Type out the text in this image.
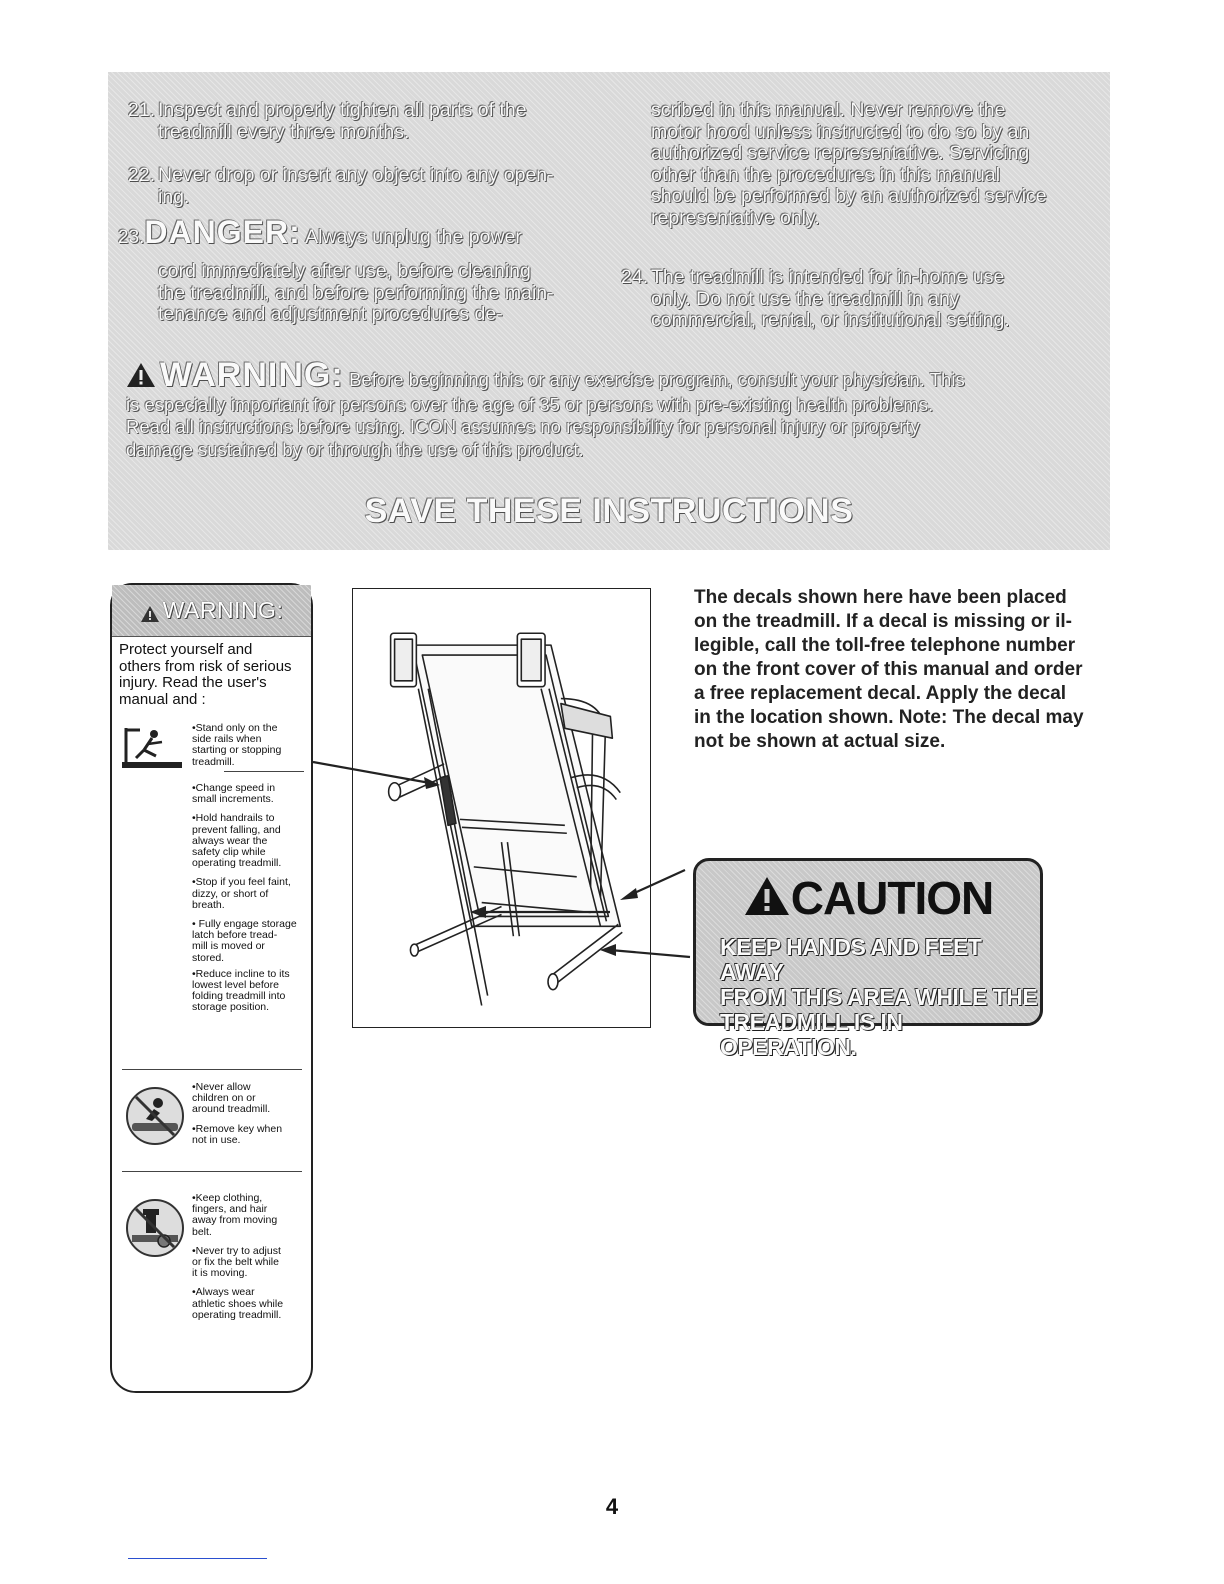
21. Inspect and properly tighten all parts of the
treadmill every three months.
22. Never drop or insert any object into any open-
ing.
23.DANGER: Always unplug the power
cord immediately after use, before cleaning
the treadmill, and before performing the main-
tenance and adjustment procedures de-
scribed in this manual. Never remove the
motor hood unless instructed to do so by an
authorized service representative. Servicing
other than the procedures in this manual
should be performed by an authorized service
representative only.
24. The treadmill is intended for in-home use
only. Do not use the treadmill in any
commercial, rental, or institutional setting.
WARNING: Before beginning this or any exercise program, consult your physician. This
is especially important for persons over the age of 35 or persons with pre-existing health problems.
Read all instructions before using. ICON assumes no responsibility for personal injury or property
damage sustained by or through the use of this product.
SAVE THESE INSTRUCTIONS
WARNING:
Protect yourself and
others from risk of serious
injury. Read the user's
manual and :

•Stand only on the
side rails when
starting or stopping
treadmill.

•Change speed in
small increments.

•Hold handrails to
prevent falling, and
always wear the
safety clip while
operating treadmill.

•Stop if you feel faint,
dizzy, or short of
breath.

• Fully engage storage
latch before tread-
mill is moved or
stored.

•Reduce incline to its
lowest level before
folding treadmill into
storage position.

•Never allow
children on or
around treadmill.

•Remove key when
not in use.

•Keep clothing,
fingers, and hair
away from moving
belt.

•Never try to adjust
or fix the belt while
it is moving.

•Always wear
athletic shoes while
operating treadmill.

The decals shown here have been placed
on the treadmill. If a decal is missing or il-
legible, call the toll-free telephone number
on the front cover of this manual and order
a free replacement decal. Apply the decal
in the location shown. Note: The decal may
not be shown at actual size.
CAUTION
KEEP HANDS AND FEET AWAY
FROM THIS AREA WHILE THE
TREADMILL IS IN OPERATION.
4
